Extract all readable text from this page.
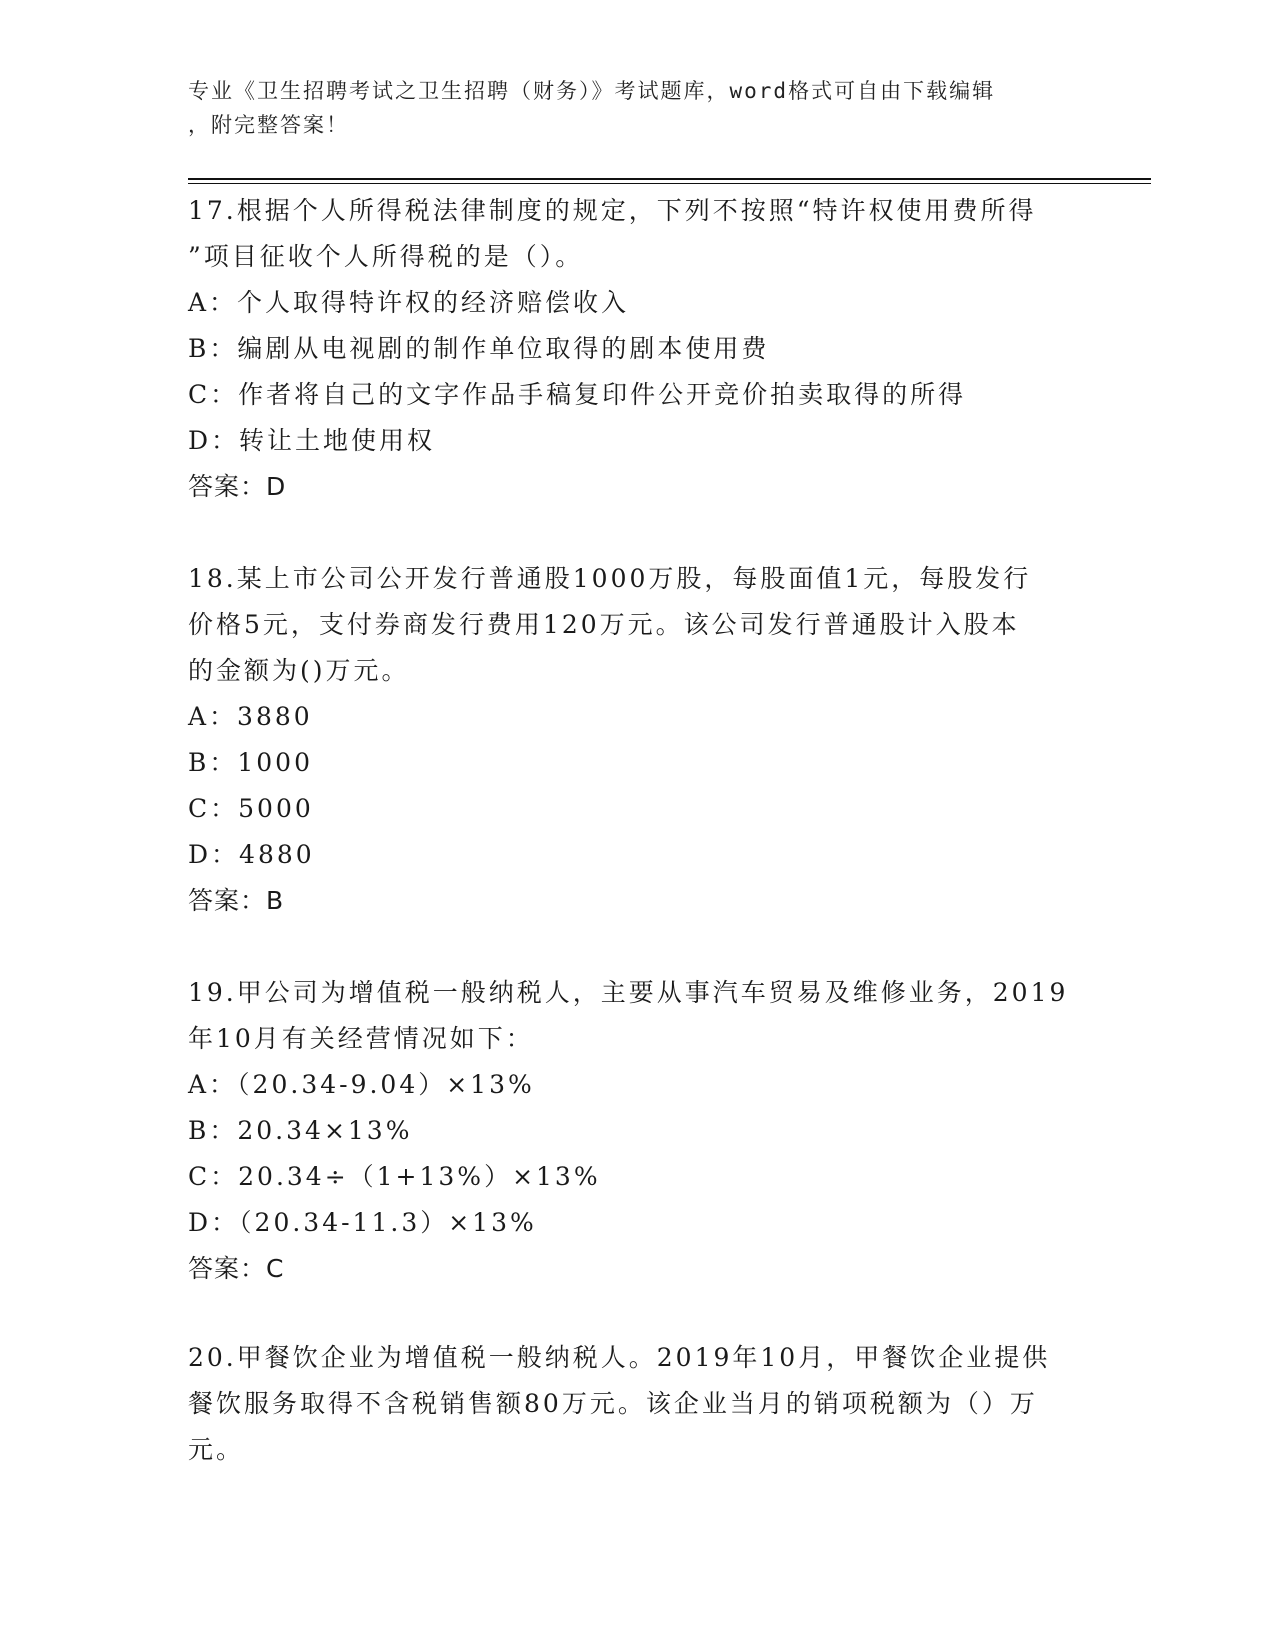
专业《卫生招聘考试之卫生招聘（财务）》考试题库，word格式可自由下载编辑
，附完整答案！
17.根据个人所得税法律制度的规定，下列不按照“特许权使用费所得
”项目征收个人所得税的是（）。
A：个人取得特许权的经济赔偿收入
B：编剧从电视剧的制作单位取得的剧本使用费
C：作者将自己的文字作品手稿复印件公开竞价拍卖取得的所得
D：转让土地使用权
答案：D
18.某上市公司公开发行普通股1000万股，每股面值1元，每股发行
价格5元，支付券商发行费用120万元。该公司发行普通股计入股本
的金额为()万元。
A：3880
B：1000
C：5000
D：4880
答案：B
19.甲公司为增值税一般纳税人，主要从事汽车贸易及维修业务，2019
年10月有关经营情况如下：
A：（20.34-9.04）×13%
B：20.34×13%
C：20.34÷（1+13%）×13%
D：（20.34-11.3）×13%
答案：C
20.甲餐饮企业为增值税一般纳税人。2019年10月，甲餐饮企业提供
餐饮服务取得不含税销售额80万元。该企业当月的销项税额为（）万
元。
